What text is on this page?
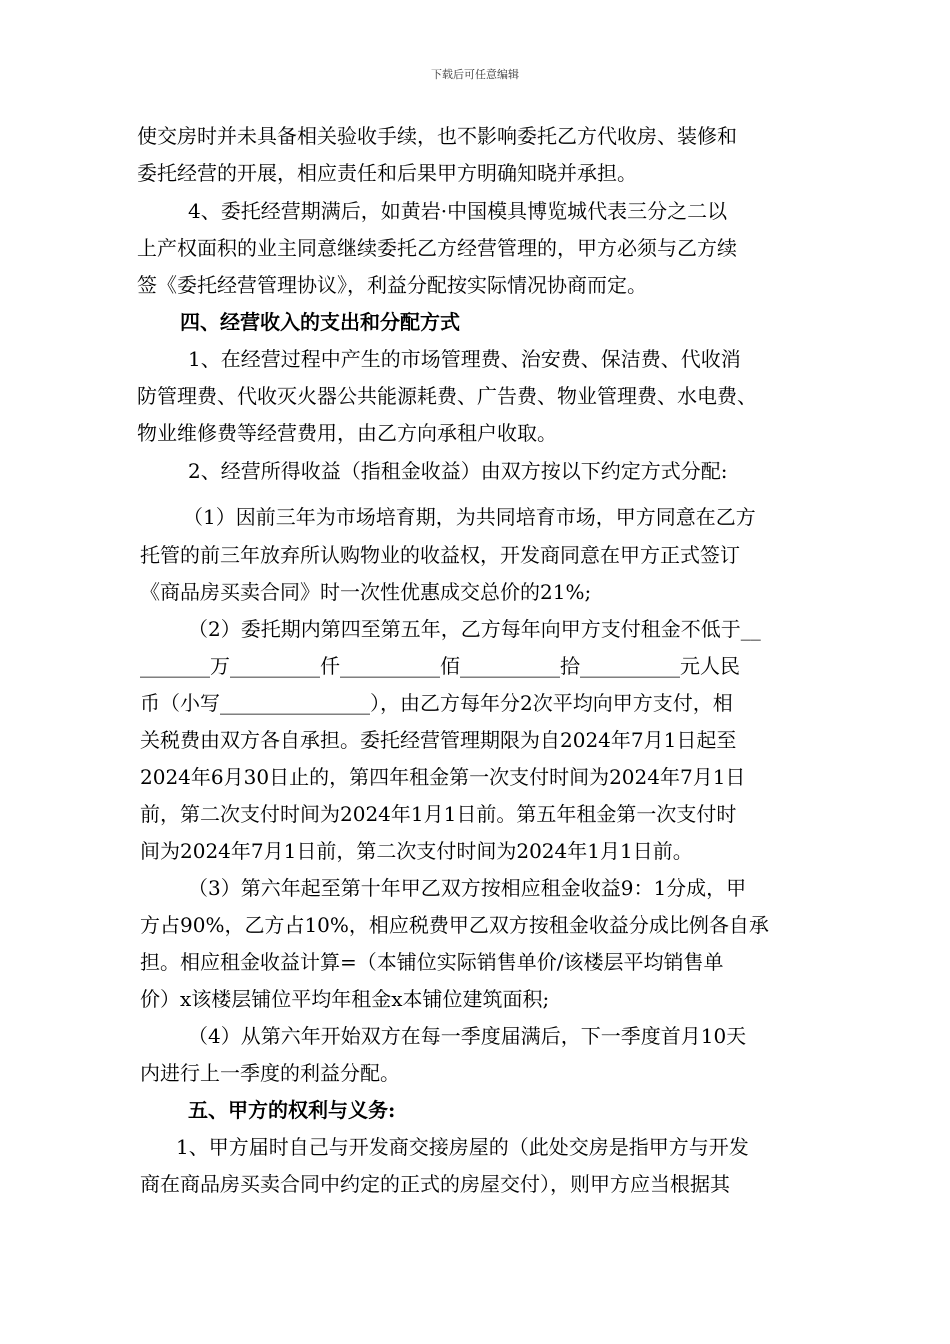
下载后可任意编辑
使交房时并未具备相关验收手续，也不影响委托乙方代收房、装修和
委托经营的开展，相应责任和后果甲方明确知晓并承担。
4、委托经营期满后，如黄岩·中国模具博览城代表三分之二以
上产权面积的业主同意继续委托乙方经营管理的，甲方必须与乙方续
签《委托经营管理协议》，利益分配按实际情况协商而定。
四、经营收入的支出和分配方式
1、在经营过程中产生的市场管理费、治安费、保洁费、代收消
防管理费、代收灭火器公共能源耗费、广告费、物业管理费、水电费、
物业维修费等经营费用，由乙方向承租户收取。
2、经营所得收益（指租金收益）由双方按以下约定方式分配:
（1）因前三年为市场培育期，为共同培育市场，甲方同意在乙方
托管的前三年放弃所认购物业的收益权，开发商同意在甲方正式签订
《商品房买卖合同》时一次性优惠成交总价的21%;
（2）委托期内第四至第五年，乙方每年向甲方支付租金不低于__
_______万_________仟__________佰__________拾__________元人民
币（小写_______________），由乙方每年分2次平均向甲方支付，相
关税费由双方各自承担。委托经营管理期限为自2024年7月1日起至
2024年6月30日止的，第四年租金第一次支付时间为2024年7月1日
前，第二次支付时间为2024年1月1日前。第五年租金第一次支付时
间为2024年7月1日前，第二次支付时间为2024年1月1日前。
（3）第六年起至第十年甲乙双方按相应租金收益9：1分成，甲
方占90%，乙方占10%，相应税费甲乙双方按租金收益分成比例各自承
担。相应租金收益计算=（本铺位实际销售单价/该楼层平均销售单
价）x该楼层铺位平均年租金x本铺位建筑面积;
（4）从第六年开始双方在每一季度届满后，下一季度首月10天
内进行上一季度的利益分配。
五、甲方的权利与义务:
1、甲方届时自己与开发商交接房屋的（此处交房是指甲方与开发
商在商品房买卖合同中约定的正式的房屋交付），则甲方应当根据其
